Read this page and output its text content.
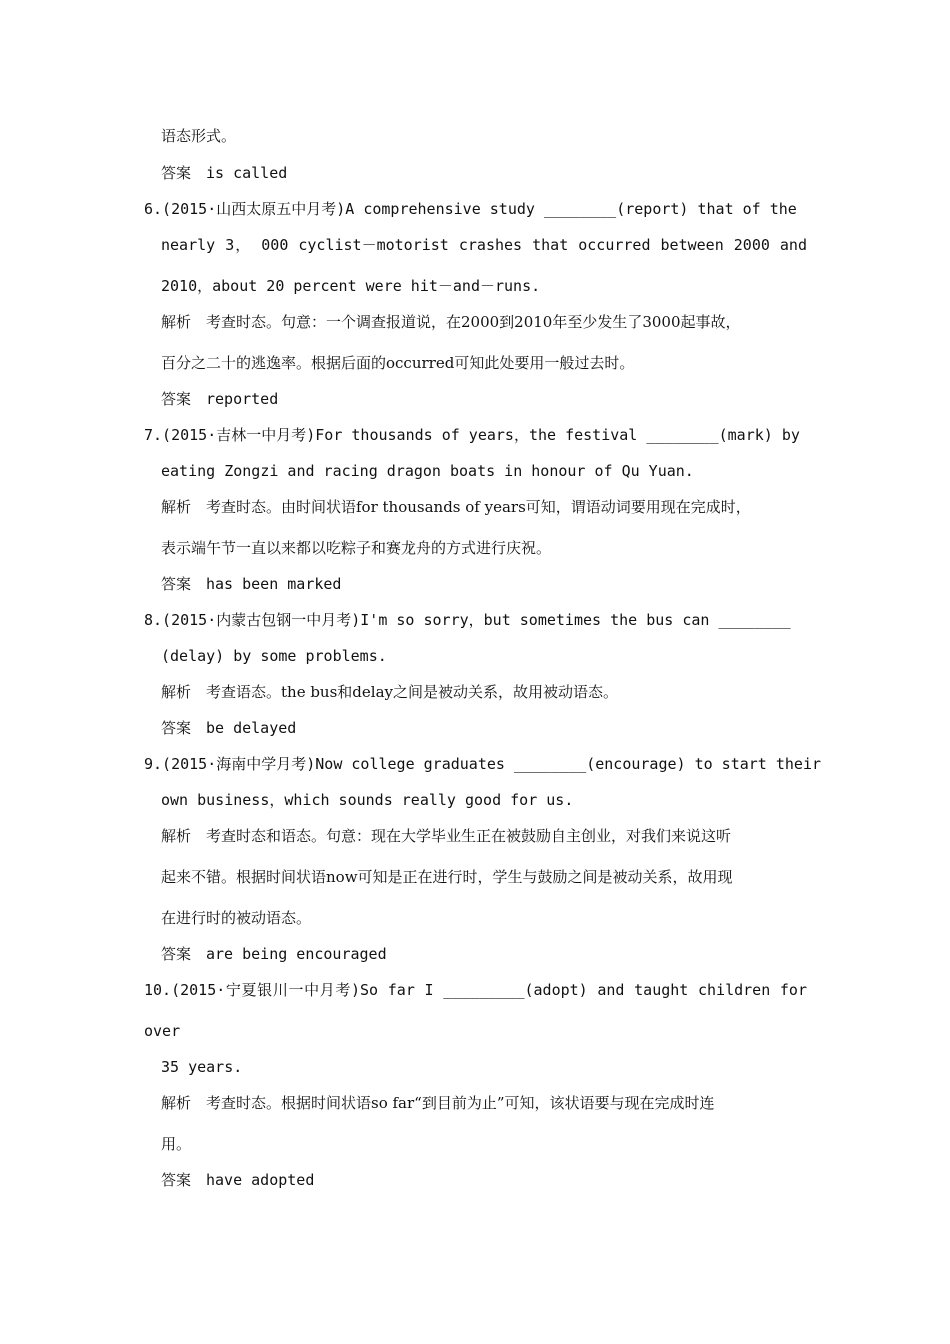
语态形式。
答案　is called
6.(2015·山西太原五中月考)A comprehensive study ________(report) that of the
nearly 3， 000 cyclist－motorist crashes that occurred between 2000 and
2010，about 20 percent were hit－and－runs.
解析　考查时态。句意：一个调查报道说，在2000到2010年至少发生了3000起事故，
百分之二十的逃逸率。根据后面的occurred可知此处要用一般过去时。
答案　reported
7.(2015·吉林一中月考)For thousands of years，the festival ________(mark) by
eating Zongzi and racing dragon boats in honour of Qu Yuan.
解析　考查时态。由时间状语for thousands of years可知，谓语动词要用现在完成时，
表示端午节一直以来都以吃粽子和赛龙舟的方式进行庆祝。
答案　has been marked
8.(2015·内蒙古包钢一中月考)I'm so sorry，but sometimes the bus can ________
(delay) by some problems.
解析　考查语态。the bus和delay之间是被动关系，故用被动语态。
答案　be delayed
9.(2015·海南中学月考)Now college graduates ________(encourage) to start their
own business，which sounds really good for us.
解析　考查时态和语态。句意：现在大学毕业生正在被鼓励自主创业，对我们来说这听
起来不错。根据时间状语now可知是正在进行时，学生与鼓励之间是被动关系，故用现
在进行时的被动语态。
答案　are being encouraged
10.(2015·宁夏银川一中月考)So far I _________(adopt) and taught children for
over
35 years.
解析　考查时态。根据时间状语so far“到目前为止”可知，该状语要与现在完成时连
用。
答案　have adopted
